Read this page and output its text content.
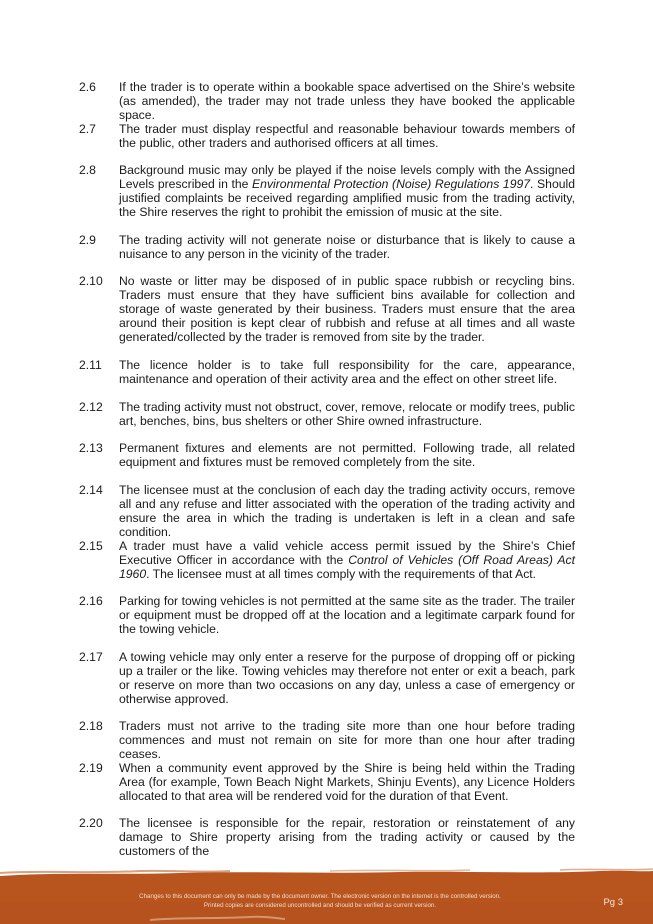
2.6 If the trader is to operate within a bookable space advertised on the Shire’s website (as amended), the trader may not trade unless they have booked the applicable space.
2.7 The trader must display respectful and reasonable behaviour towards members of the public, other traders and authorised officers at all times.
2.8 Background music may only be played if the noise levels comply with the Assigned Levels prescribed in the Environmental Protection (Noise) Regulations 1997. Should justified complaints be received regarding amplified music from the trading activity, the Shire reserves the right to prohibit the emission of music at the site.
2.9 The trading activity will not generate noise or disturbance that is likely to cause a nuisance to any person in the vicinity of the trader.
2.10 No waste or litter may be disposed of in public space rubbish or recycling bins. Traders must ensure that they have sufficient bins available for collection and storage of waste generated by their business. Traders must ensure that the area around their position is kept clear of rubbish and refuse at all times and all waste generated/collected by the trader is removed from site by the trader.
2.11 The licence holder is to take full responsibility for the care, appearance, maintenance and operation of their activity area and the effect on other street life.
2.12 The trading activity must not obstruct, cover, remove, relocate or modify trees, public art, benches, bins, bus shelters or other Shire owned infrastructure.
2.13 Permanent fixtures and elements are not permitted. Following trade, all related equipment and fixtures must be removed completely from the site.
2.14 The licensee must at the conclusion of each day the trading activity occurs, remove all and any refuse and litter associated with the operation of the trading activity and ensure the area in which the trading is undertaken is left in a clean and safe condition.
2.15 A trader must have a valid vehicle access permit issued by the Shire’s Chief Executive Officer in accordance with the Control of Vehicles (Off Road Areas) Act 1960. The licensee must at all times comply with the requirements of that Act.
2.16 Parking for towing vehicles is not permitted at the same site as the trader. The trailer or equipment must be dropped off at the location and a legitimate carpark found for the towing vehicle.
2.17 A towing vehicle may only enter a reserve for the purpose of dropping off or picking up a trailer or the like. Towing vehicles may therefore not enter or exit a beach, park or reserve on more than two occasions on any day, unless a case of emergency or otherwise approved.
2.18 Traders must not arrive to the trading site more than one hour before trading commences and must not remain on site for more than one hour after trading ceases.
2.19 When a community event approved by the Shire is being held within the Trading Area (for example, Town Beach Night Markets, Shinju Events), any Licence Holders allocated to that area will be rendered void for the duration of that Event.
2.20 The licensee is responsible for the repair, restoration or reinstatement of any damage to Shire property arising from the trading activity or caused by the customers of the
Changes to this document can only be made by the document owner. The electronic version on the internet is the controlled version.
Printed copies are considered uncontrolled and should be verified as current version.	Pg 3
